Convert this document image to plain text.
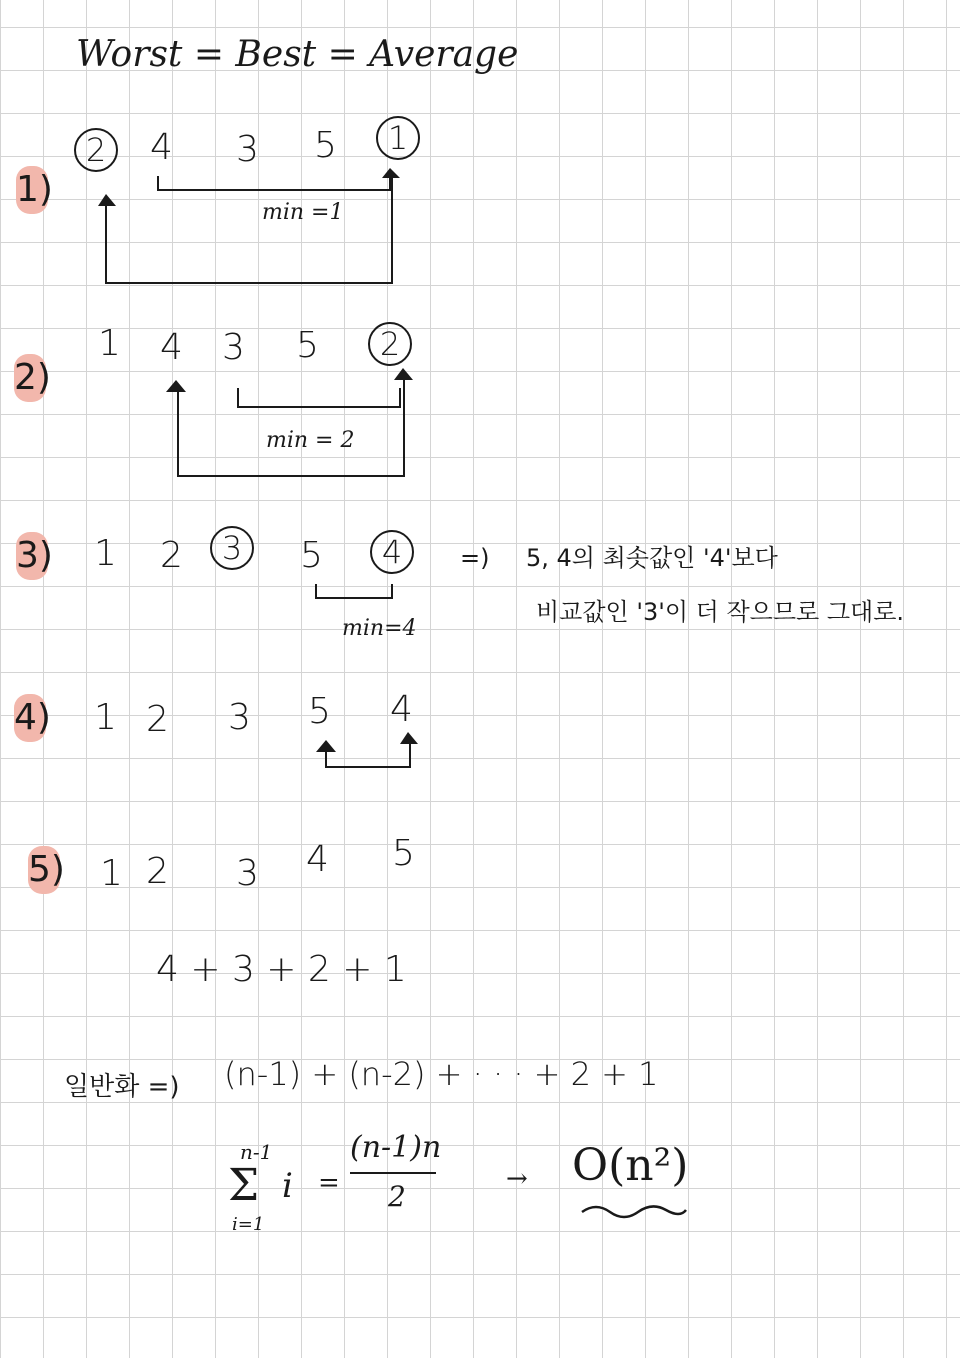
Worst = Best = Average
1)
2	4 3 5	1
min =1
2)
1 4 3 5	2
min = 2
3) 1 2	3	5	4
min=4
=) 5, 4의 최솟값인 '4'보다
비교값인 '3'이 더 작으므로 그대로.
4) 1 2 3 5 4
5) 1 2 3 4 5
4 + 3 + 2 + 1
일반화 =) (n-1) + (n-2) + · · · + 2 + 1
n-1
Σ i
i=1
=
(n-1)n
2
→ O(n²)
